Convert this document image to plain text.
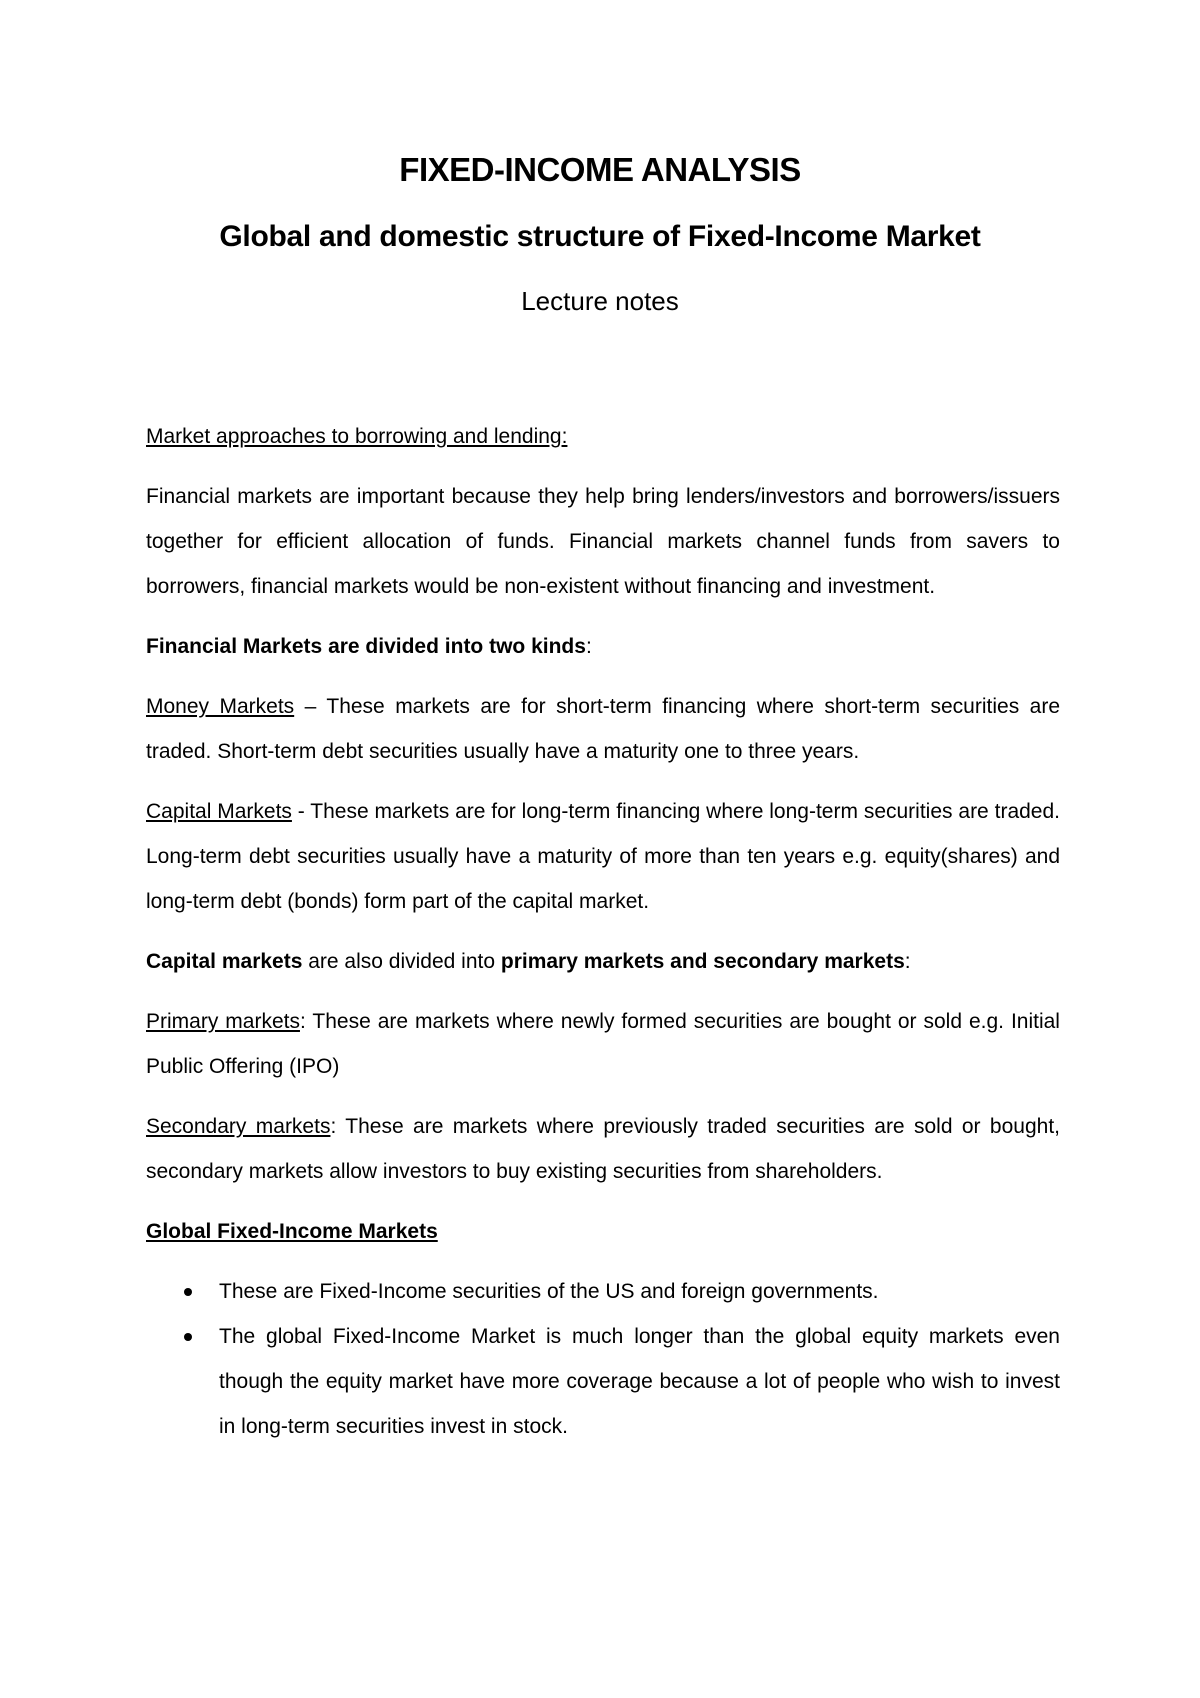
FIXED-INCOME ANALYSIS
Global and domestic structure of Fixed-Income Market
Lecture notes

Market approaches to borrowing and lending:

Financial markets are important because they help bring lenders/investors and borrowers/issuers together for efficient allocation of funds. Financial markets channel funds from savers to borrowers, financial markets would be non-existent without financing and investment.

Financial Markets are divided into two kinds:

Money Markets – These markets are for short-term financing where short-term securities are traded. Short-term debt securities usually have a maturity one to three years.

Capital Markets - These markets are for long-term financing where long-term securities are traded. Long-term debt securities usually have a maturity of more than ten years e.g. equity(shares) and long-term debt (bonds) form part of the capital market.

Capital markets are also divided into primary markets and secondary markets:

Primary markets: These are markets where newly formed securities are bought or sold e.g. Initial Public Offering (IPO)

Secondary markets: These are markets where previously traded securities are sold or bought, secondary markets allow investors to buy existing securities from shareholders.

Global Fixed-Income Markets

These are Fixed-Income securities of the US and foreign governments.
The global Fixed-Income Market is much longer than the global equity markets even though the equity market have more coverage because a lot of people who wish to invest in long-term securities invest in stock.
